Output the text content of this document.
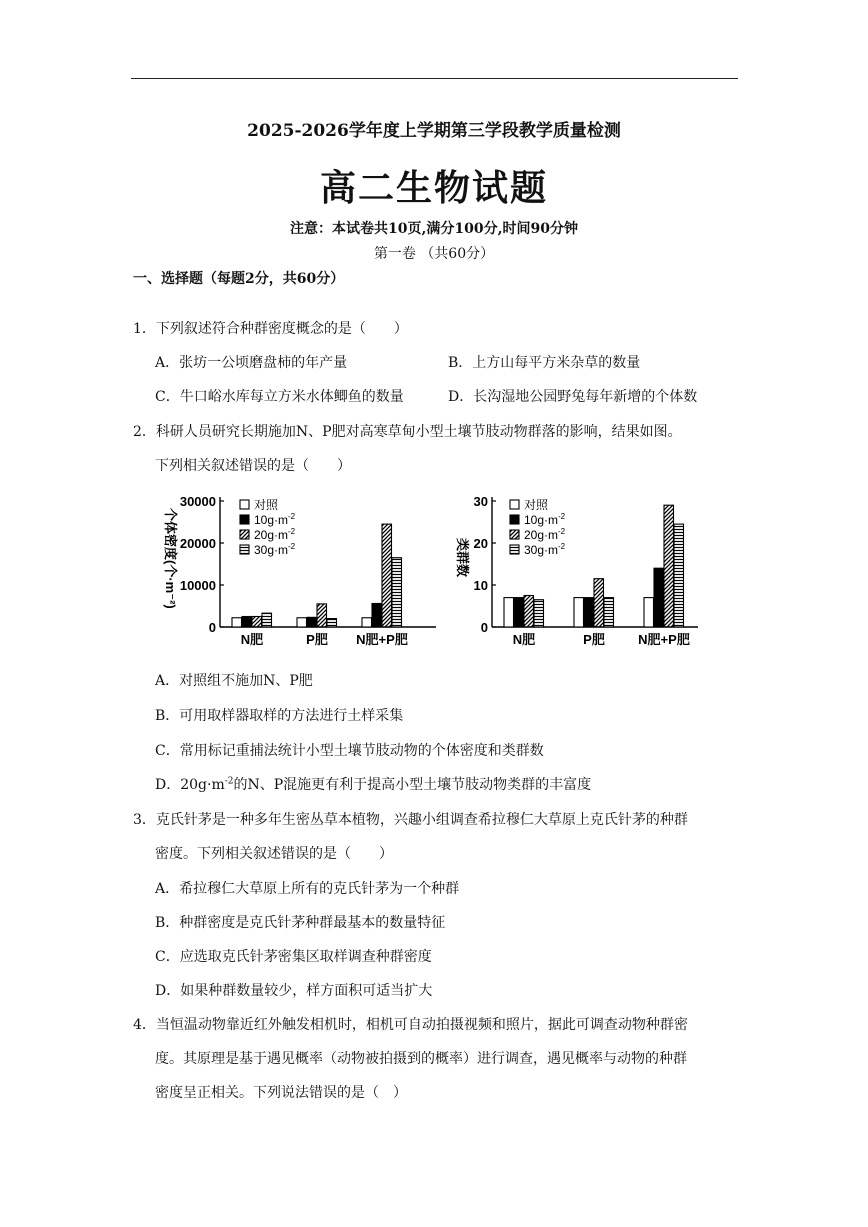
2025-2026学年度上学期第三学段教学质量检测
高二生物试题
注意：本试卷共10页,满分100分,时间90分钟
第一卷 （共60分）
一、选择题（每题2分，共60分）
1．下列叙述符合种群密度概念的是（　　）
A．张坊一公顷磨盘柿的年产量	B．上方山每平方米杂草的数量
C．牛口峪水库每立方米水体鲫鱼的数量	D．长沟湿地公园野兔每年新增的个体数
2．科研人员研究长期施加N、P肥对高寒草甸小型土壤节肢动物群落的影响，结果如图。
下列相关叙述错误的是（　　）
0
10000
20000
30000
个体密度(个·m⁻²)
N肥	P肥 N肥+P肥
对照
$10g\cdot m^{-2}$
$20g\cdot m^{-2}$
$30g\cdot m^{-2}$
0
10
20
30
类群数
N肥	P肥	N肥+P肥
对照
$10g\cdot m^{-2}$
$20g\cdot m^{-2}$
$30g\cdot m^{-2}$
A．对照组不施加N、P肥
B．可用取样器取样的方法进行土样采集
C．常用标记重捕法统计小型土壤节肢动物的个体密度和类群数
D．$20g\cdot m^{-2}$的N、P混施更有利于提高小型土壤节肢动物类群的丰富度
3．克氏针茅是一种多年生密丛草本植物，兴趣小组调查希拉穆仁大草原上克氏针茅的种群
密度。下列相关叙述错误的是（　　）
A．希拉穆仁大草原上所有的克氏针茅为一个种群
B．种群密度是克氏针茅种群最基本的数量特征
C．应选取克氏针茅密集区取样调查种群密度
D．如果种群数量较少，样方面积可适当扩大
4．当恒温动物靠近红外触发相机时，相机可自动拍摄视频和照片，据此可调查动物种群密
度。其原理是基于遇见概率（动物被拍摄到的概率）进行调查，遇见概率与动物的种群
密度呈正相关。下列说法错误的是（　）
